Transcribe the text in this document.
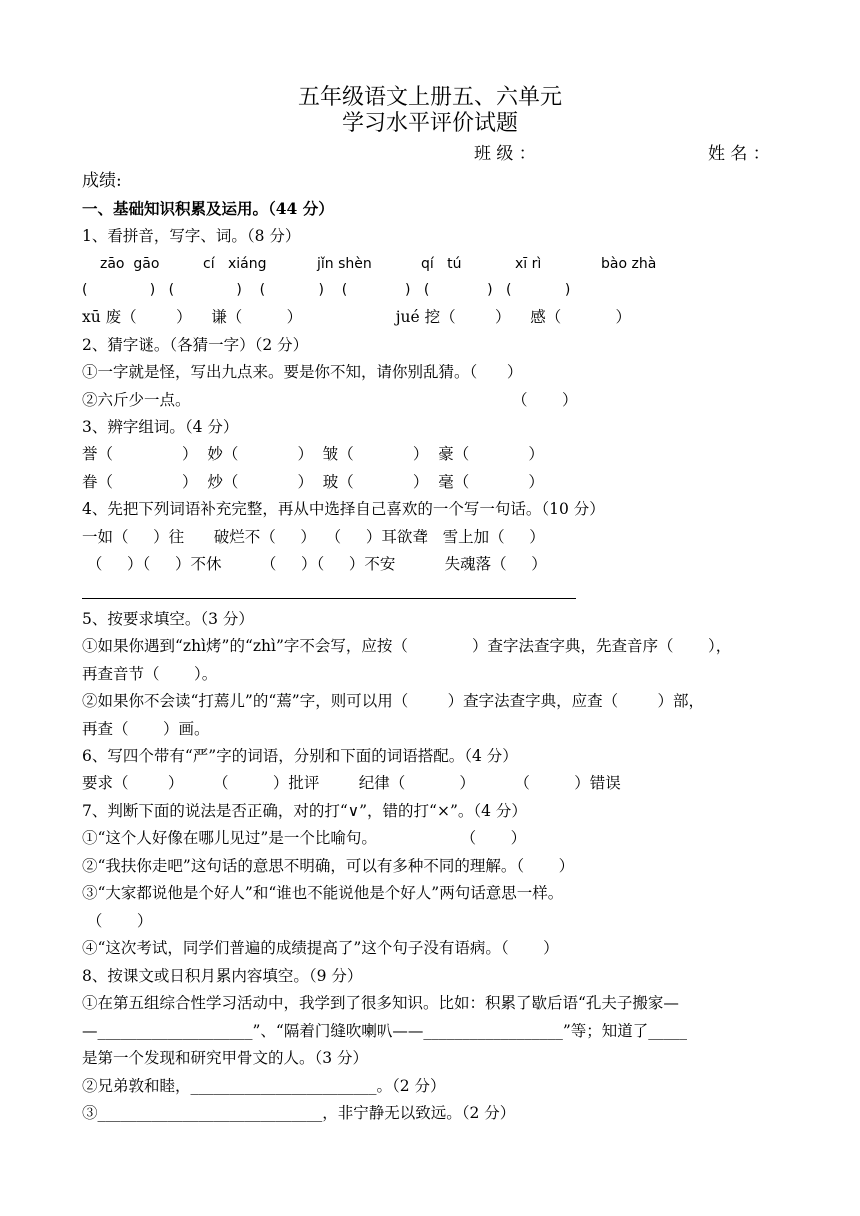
五年级语文上册五、六单元
学习水平评价试题
班 级 ：	姓 名 ：
成绩:
一、基础知识积累及运用。（44 分）
1、看拼音，写字、词。（8 分）
zāo  gāo	cí   xiáng	jǐn shèn	qí   tú	xī rì	bào zhà
(              )   (              )    (            )    (             )   (             )   (            )
xū 废（        ）    谦（         ）                   jué 挖（        ）    感（           ）
2、猜字谜。（各猜一字）（2 分）
①一字就是怪，写出九点来。要是你不知，请你别乱猜。（      ）
②六斤少一点。	（       ）
3、辨字组词。（4 分）
誉（              ）  妙（            ）  皱（            ）  豪（            ）
眷（              ）  炒（            ）  玻（            ）  毫（            ）
4、先把下列词语补充完整，再从中选择自己喜欢的一个写一句话。（10 分）
一如（     ）往      破烂不（     ）  （     ）耳欲聋   雪上加（     ）
（     ）（     ）不休        （     ）（     ）不安          失魂落（     ）
5、按要求填空。（3 分）
①如果你遇到“zhì烤”的“zhì”字不会写，应按（             ）查字法查字典，先查音序（       ），
再查音节（       ）。
②如果你不会读“打蔫儿”的“蔫”字，则可以用（        ）查字法查字典，应查（        ）部，
再查（       ）画。
6、写四个带有“严”字的词语，分别和下面的词语搭配。（4 分）
要求（        ）      （         ）批评        纪律（           ）        （         ）错误
7、判断下面的说法是否正确，对的打“∨”，错的打“×”。（4 分）
①“这个人好像在哪儿见过”是一个比喻句。                 （       ）
②“我扶你走吧”这句话的意思不明确，可以有多种不同的理解。（       ）
③“大家都说他是个好人”和“谁也不能说他是个好人”两句话意思一样。
（       ）
④“这次考试，同学们普遍的成绩提高了”这个句子没有语病。（       ）
8、按课文或日积月累内容填空。（9 分）
①在第五组综合性学习活动中，我学到了很多知识。比如：积累了歇后语“孔夫子搬家—
—____________________”、“隔着门缝吹喇叭——__________________”等；知道了_____
是第一个发现和研究甲骨文的人。（3 分）
②兄弟敦和睦，________________________。（2 分）
③_____________________________，非宁静无以致远。（2 分）
